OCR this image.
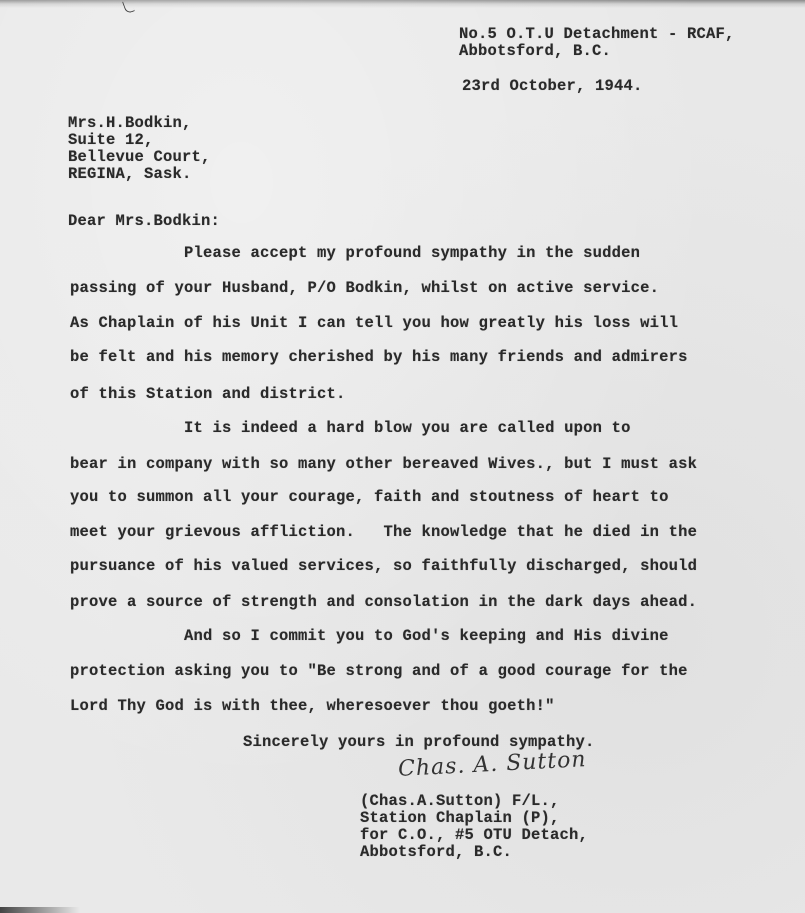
No.5 O.T.U Detachment - RCAF,
Abbotsford, B.C.
23rd October, 1944.
Mrs.H.Bodkin,
Suite 12,
Bellevue Court,
REGINA, Sask.
Dear Mrs.Bodkin:
Please accept my profound sympathy in the sudden
passing of your Husband, P/O Bodkin, whilst on active service.
As Chaplain of his Unit I can tell you how greatly his loss will
be felt and his memory cherished by his many friends and admirers
of this Station and district.
It is indeed a hard blow you are called upon to
bear in company with so many other bereaved Wives., but I must ask
you to summon all your courage, faith and stoutness of heart to
meet your grievous affliction.   The knowledge that he died in the
pursuance of his valued services, so faithfully discharged, should
prove a source of strength and consolation in the dark days ahead.
And so I commit you to God's keeping and His divine
protection asking you to "Be strong and of a good courage for the
Lord Thy God is with thee, wheresoever thou goeth!"
Sincerely yours in profound sympathy.
Chas. A. Sutton
(Chas.A.Sutton) F/L.,
Station Chaplain (P),
for C.O., #5 OTU Detach,
Abbotsford, B.C.
